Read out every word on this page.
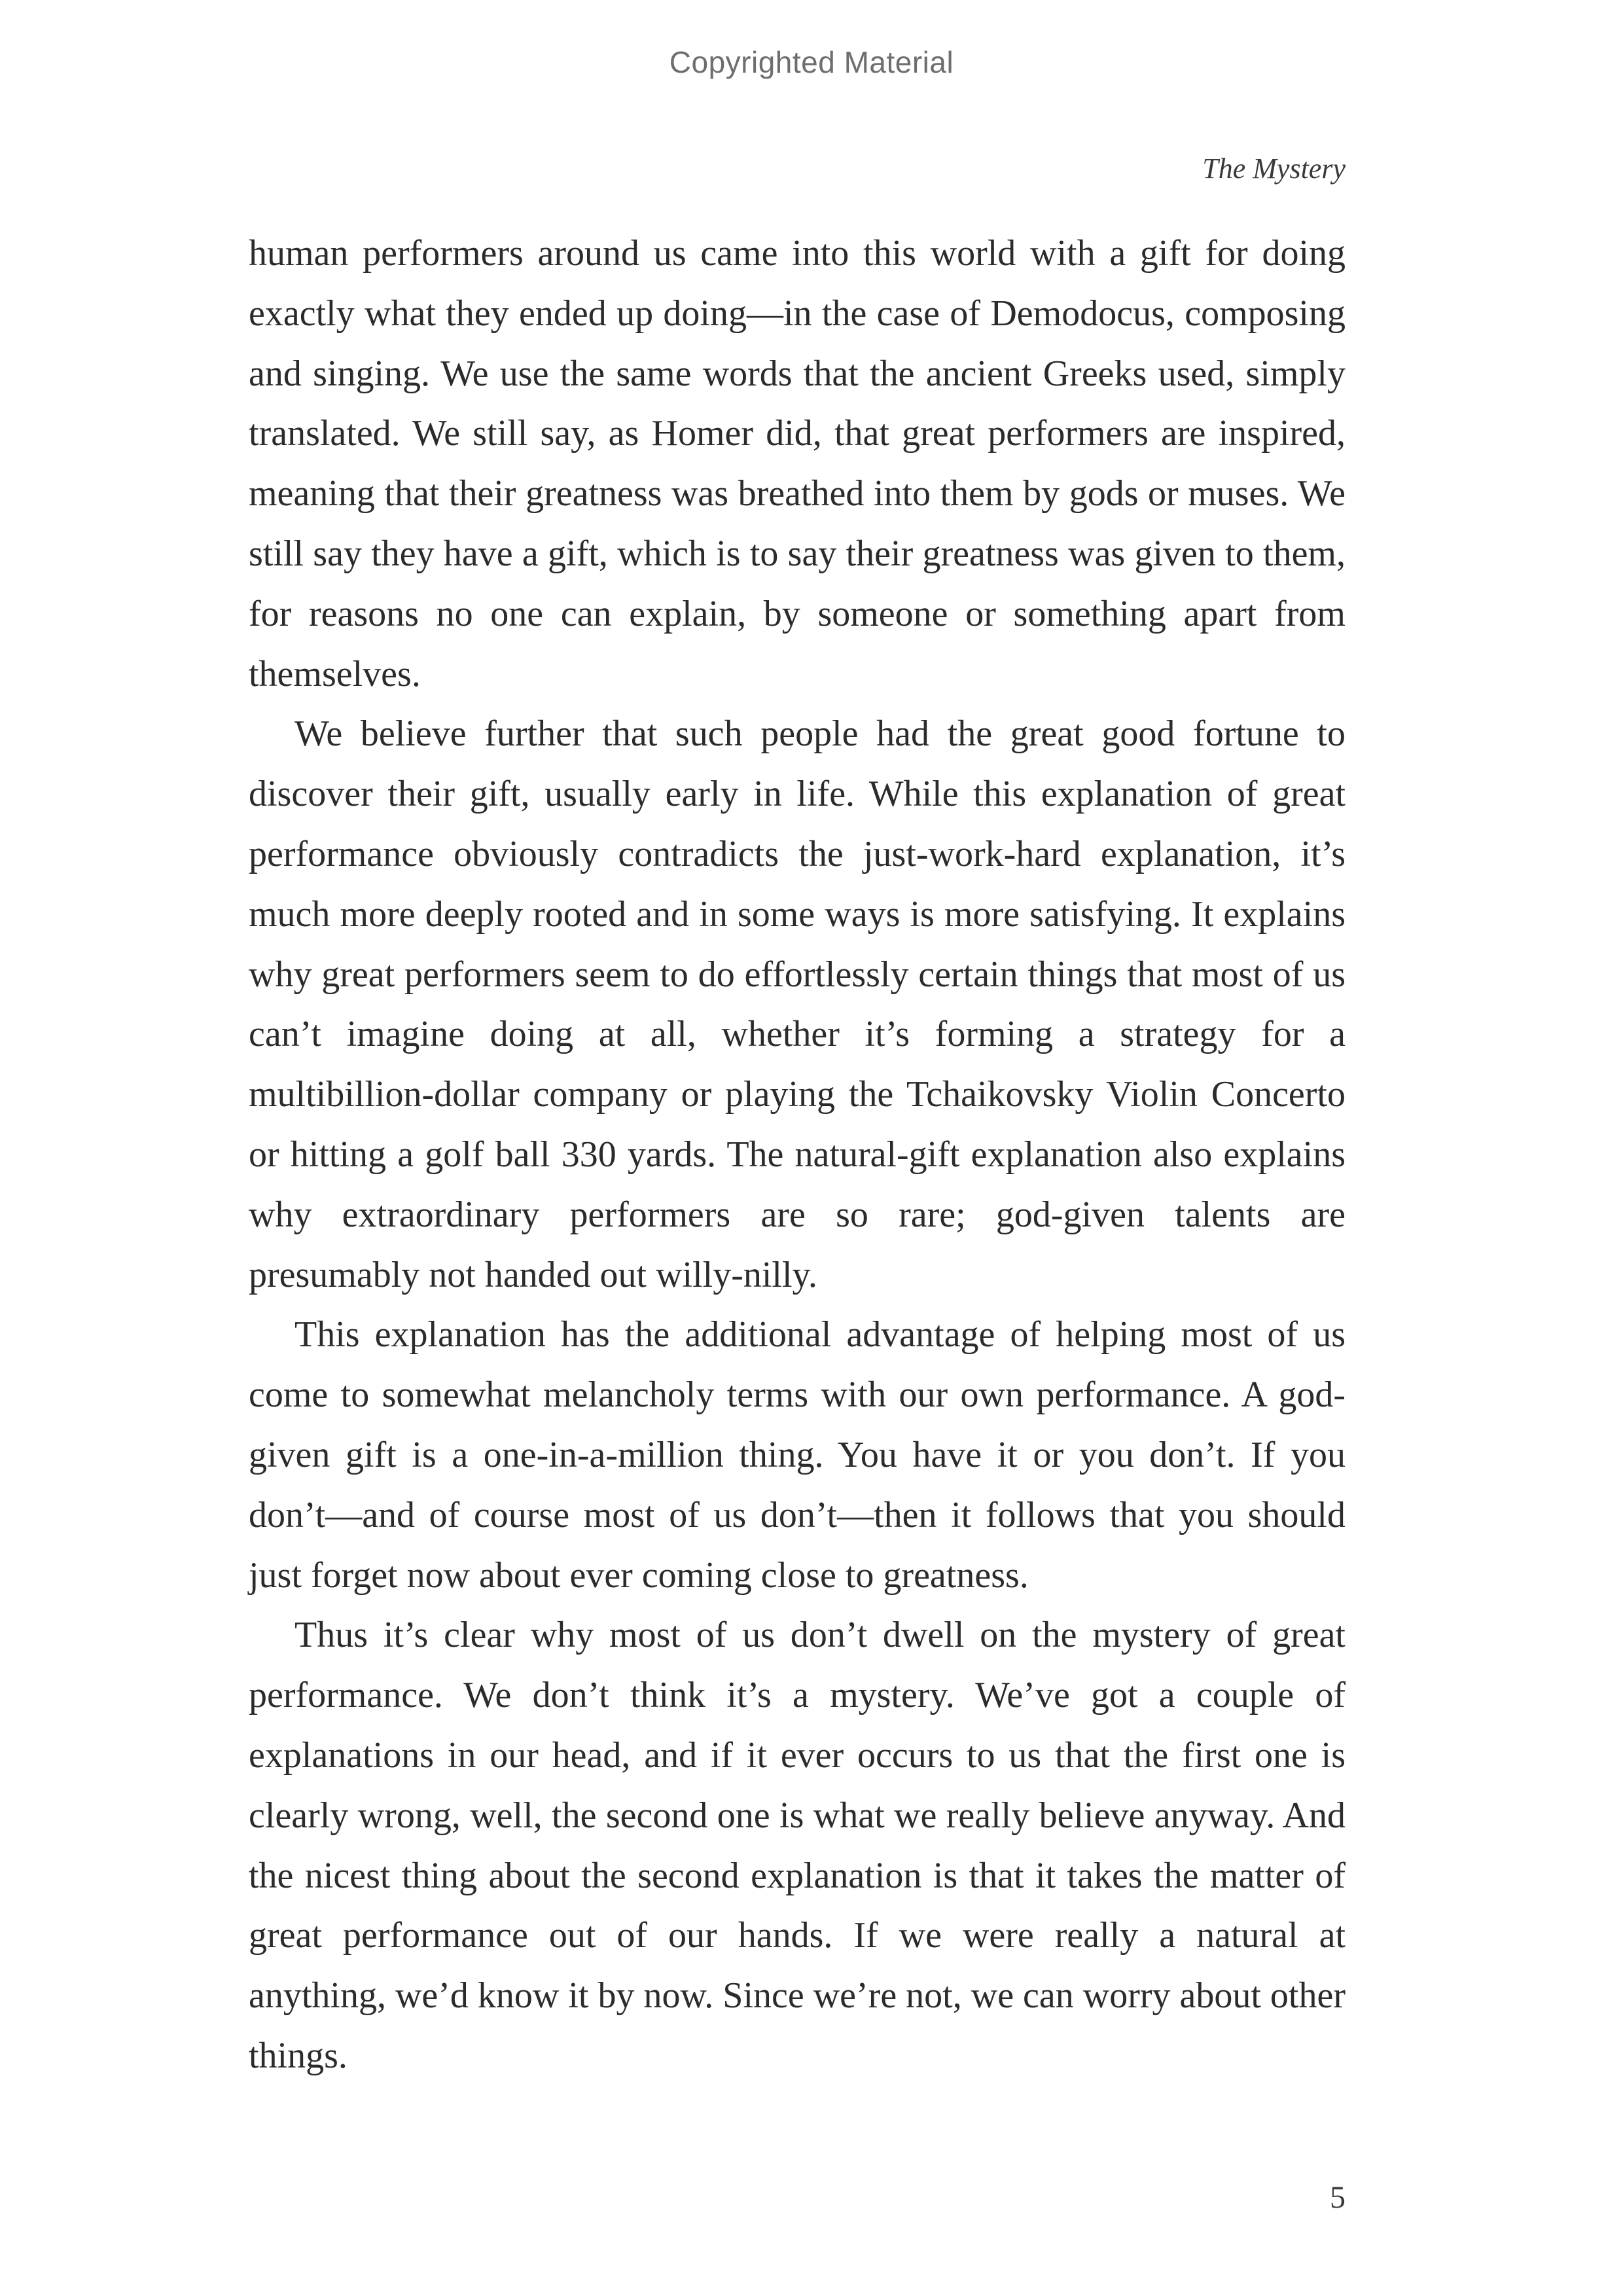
Copyrighted Material
The Mystery

human performers around us came into this world with a gift for doing exactly what they ended up doing—in the case of Demodocus, composing and singing. We use the same words that the ancient Greeks used, simply translated. We still say, as Homer did, that great performers are inspired, meaning that their greatness was breathed into them by gods or muses. We still say they have a gift, which is to say their greatness was given to them, for reasons no one can explain, by someone or something apart from themselves.

We believe further that such people had the great good fortune to discover their gift, usually early in life. While this explanation of great performance obviously contradicts the just-work-hard explanation, it’s much more deeply rooted and in some ways is more satisfying. It explains why great performers seem to do effortlessly certain things that most of us can’t imagine doing at all, whether it’s forming a strategy for a multibillion-dollar company or playing the Tchaikovsky Violin Concerto or hitting a golf ball 330 yards. The natural-gift explanation also explains why extraordinary performers are so rare; god-given talents are presumably not handed out willy-nilly.

This explanation has the additional advantage of helping most of us come to somewhat melancholy terms with our own performance. A god-given gift is a one-in-a-million thing. You have it or you don’t. If you don’t—and of course most of us don’t—then it follows that you should just forget now about ever coming close to greatness.

Thus it’s clear why most of us don’t dwell on the mystery of great performance. We don’t think it’s a mystery. We’ve got a couple of explanations in our head, and if it ever occurs to us that the first one is clearly wrong, well, the second one is what we really believe anyway. And the nicest thing about the second explanation is that it takes the matter of great performance out of our hands. If we were really a natural at anything, we’d know it by now. Since we’re not, we can worry about other things.

5
